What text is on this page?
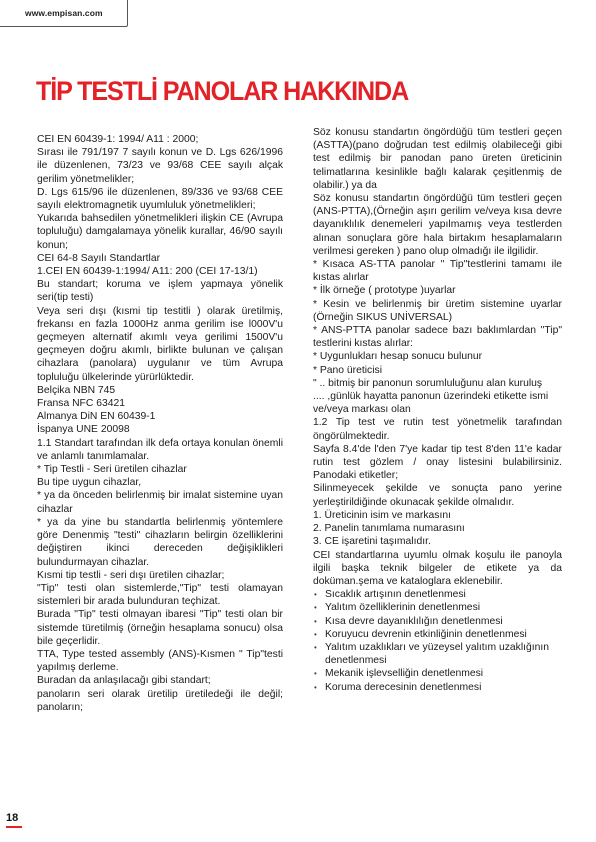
www.empisan.com
TİP TESTLİ PANOLAR HAKKINDA

CEI EN 60439-1: 1994/ A11 : 2000;

Sırası ile 791/197 7 sayılı konun ve D. Lgs 626/1996 ile düzenlenen, 73/23 ve 93/68 CEE sayılı alçak gerilim yönetmelikler;

D. Lgs 615/96 ile düzenlenen, 89/336 ve 93/68 CEE sayılı elektromagnetik uyumluluk yönetmelikleri;

Yukarıda bahsedilen yönetmelikleri ilişkin CE (Avrupa topluluğu) damgalamaya yönelik kurallar, 46/90 sayılı konun;

CEI 64-8 Sayılı Standartlar

1.CEI EN 60439-1:1994/ A11: 200 (CEI 17-13/1)

Bu standart; koruma ve işlem yapmaya yönelik seri(tip testi)

Veya seri dışı (kısmi tip testitli ) olarak üretilmiş, frekansı en fazla 1000Hz anma gerilim ise l000V'u geçmeyen alternatif akımlı veya gerilimi 1500V'u geçmeyen doğru akımlı, birlikte bulunan ve çalışan cihazlara (panolara) uygulanır ve tüm Avrupa topluluğu ülkelerinde yürürlüktedir.

Belçika NBN 745

Fransa NFC 63421

Almanya DiN EN 60439-1

İspanya UNE 20098

1.1 Standart tarafından ilk defa ortaya konulan önemli ve anlamlı tanımlamalar.

* Tip Testli - Seri üretilen cihazlar

Bu tipe uygun cihazlar,

* ya da önceden belirlenmiş bir imalat sistemine uyan cihazlar

* ya da yine bu standartla belirlenmiş yöntemlere göre Denenmiş "testi" cihazların belirgin özelliklerini değiştiren ikinci dereceden değişiklikleri bulundurmayan cihazlar.

Kısmi tip testli - seri dışı üretilen cihazlar;

"Tip" testi olan sistemlerde,"Tip" testi olamayan sistemleri bir arada bulunduran teçhizat.

Burada "Tip" testi olmayan ibaresi "Tip" testi olan bir sistemde türetilmiş (örneğin hesaplama sonucu) olsa bile geçerlidir.

TTA, Type tested assembly (ANS)-Kısmen " Tip"testi yapılmış derleme.

Buradan da anlaşılacağı gibi standart;

panoların seri olarak üretilip üretiledeği ile değil; panoların;

Söz konusu standartın öngördüğü tüm testleri geçen (ASTTA)(pano doğrudan test edilmiş olabileceği gibi test edilmiş bir panodan pano üreten üreticinin telimatlarına kesinlikle bağlı kalarak çeşitlenmiş de olabilir.) ya da

Söz konusu standartın öngördüğü tüm testleri geçen (ANS-PTTA),(Örneğin aşırı gerilim ve/veya kısa devre dayanıklılık denemeleri yapılmamış veya testlerden alınan sonuçlara göre hala birtakım hesaplamaların verilmesi gereken ) pano olup olmadığı ile ilgilidir.

* Kısaca AS-TTA panolar " Tip"testlerini tamamı ile kıstas alırlar

* İlk örneğe ( prototype )uyarlar

* Kesin ve belirlenmiş bir üretim sistemine uyarlar (Örneğin SIKUS UNİVERSAL)

* ANS-PTTA panolar sadece bazı baklımlardan "Tip" testlerini kıstas alırlar:

* Uygunlukları hesap sonucu bulunur

* Pano üreticisi

" .. bitmiş bir panonun sorumluluğunu alan kuruluş

.... ,günlük hayatta panonun üzerindeki etikette ismi

ve/veya markası olan

1.2 Tip test ve rutin test yönetmelik tarafından öngörülmektedir.

Sayfa 8.4'de l'den 7'ye kadar tip test 8'den 11'e kadar rutin test gözlem / onay listesini bulabilirsiniz. Panodaki etiketler;

Silinmeyecek şekilde ve sonuçta pano yerine yerleştirildiğinde okunacak şekilde olmalıdır.

1. Üreticinin isim ve markasını

2. Panelin tanımlama numarasını

3. CE işaretini taşımalıdır.

CEI standartlarına uyumlu olmak koşulu ile panoyla ilgili başka teknik bilgeler de etikete ya da doküman.şema ve kataloglara eklenebilir.

• Sıcaklık artışının denetlenmesi

• Yalıtım özelliklerinin denetlenmesi

• Kısa devre dayanıklılığın denetlenmesi

• Koruyucu devrenin etkinliğinin denetlenmesi

• Yalıtım uzaklıkları ve yüzeysel yalıtım uzaklığının denetlenmesi

• Mekanik işlevselliğin denetlenmesi

• Koruma derecesinin denetlenmesi

18
